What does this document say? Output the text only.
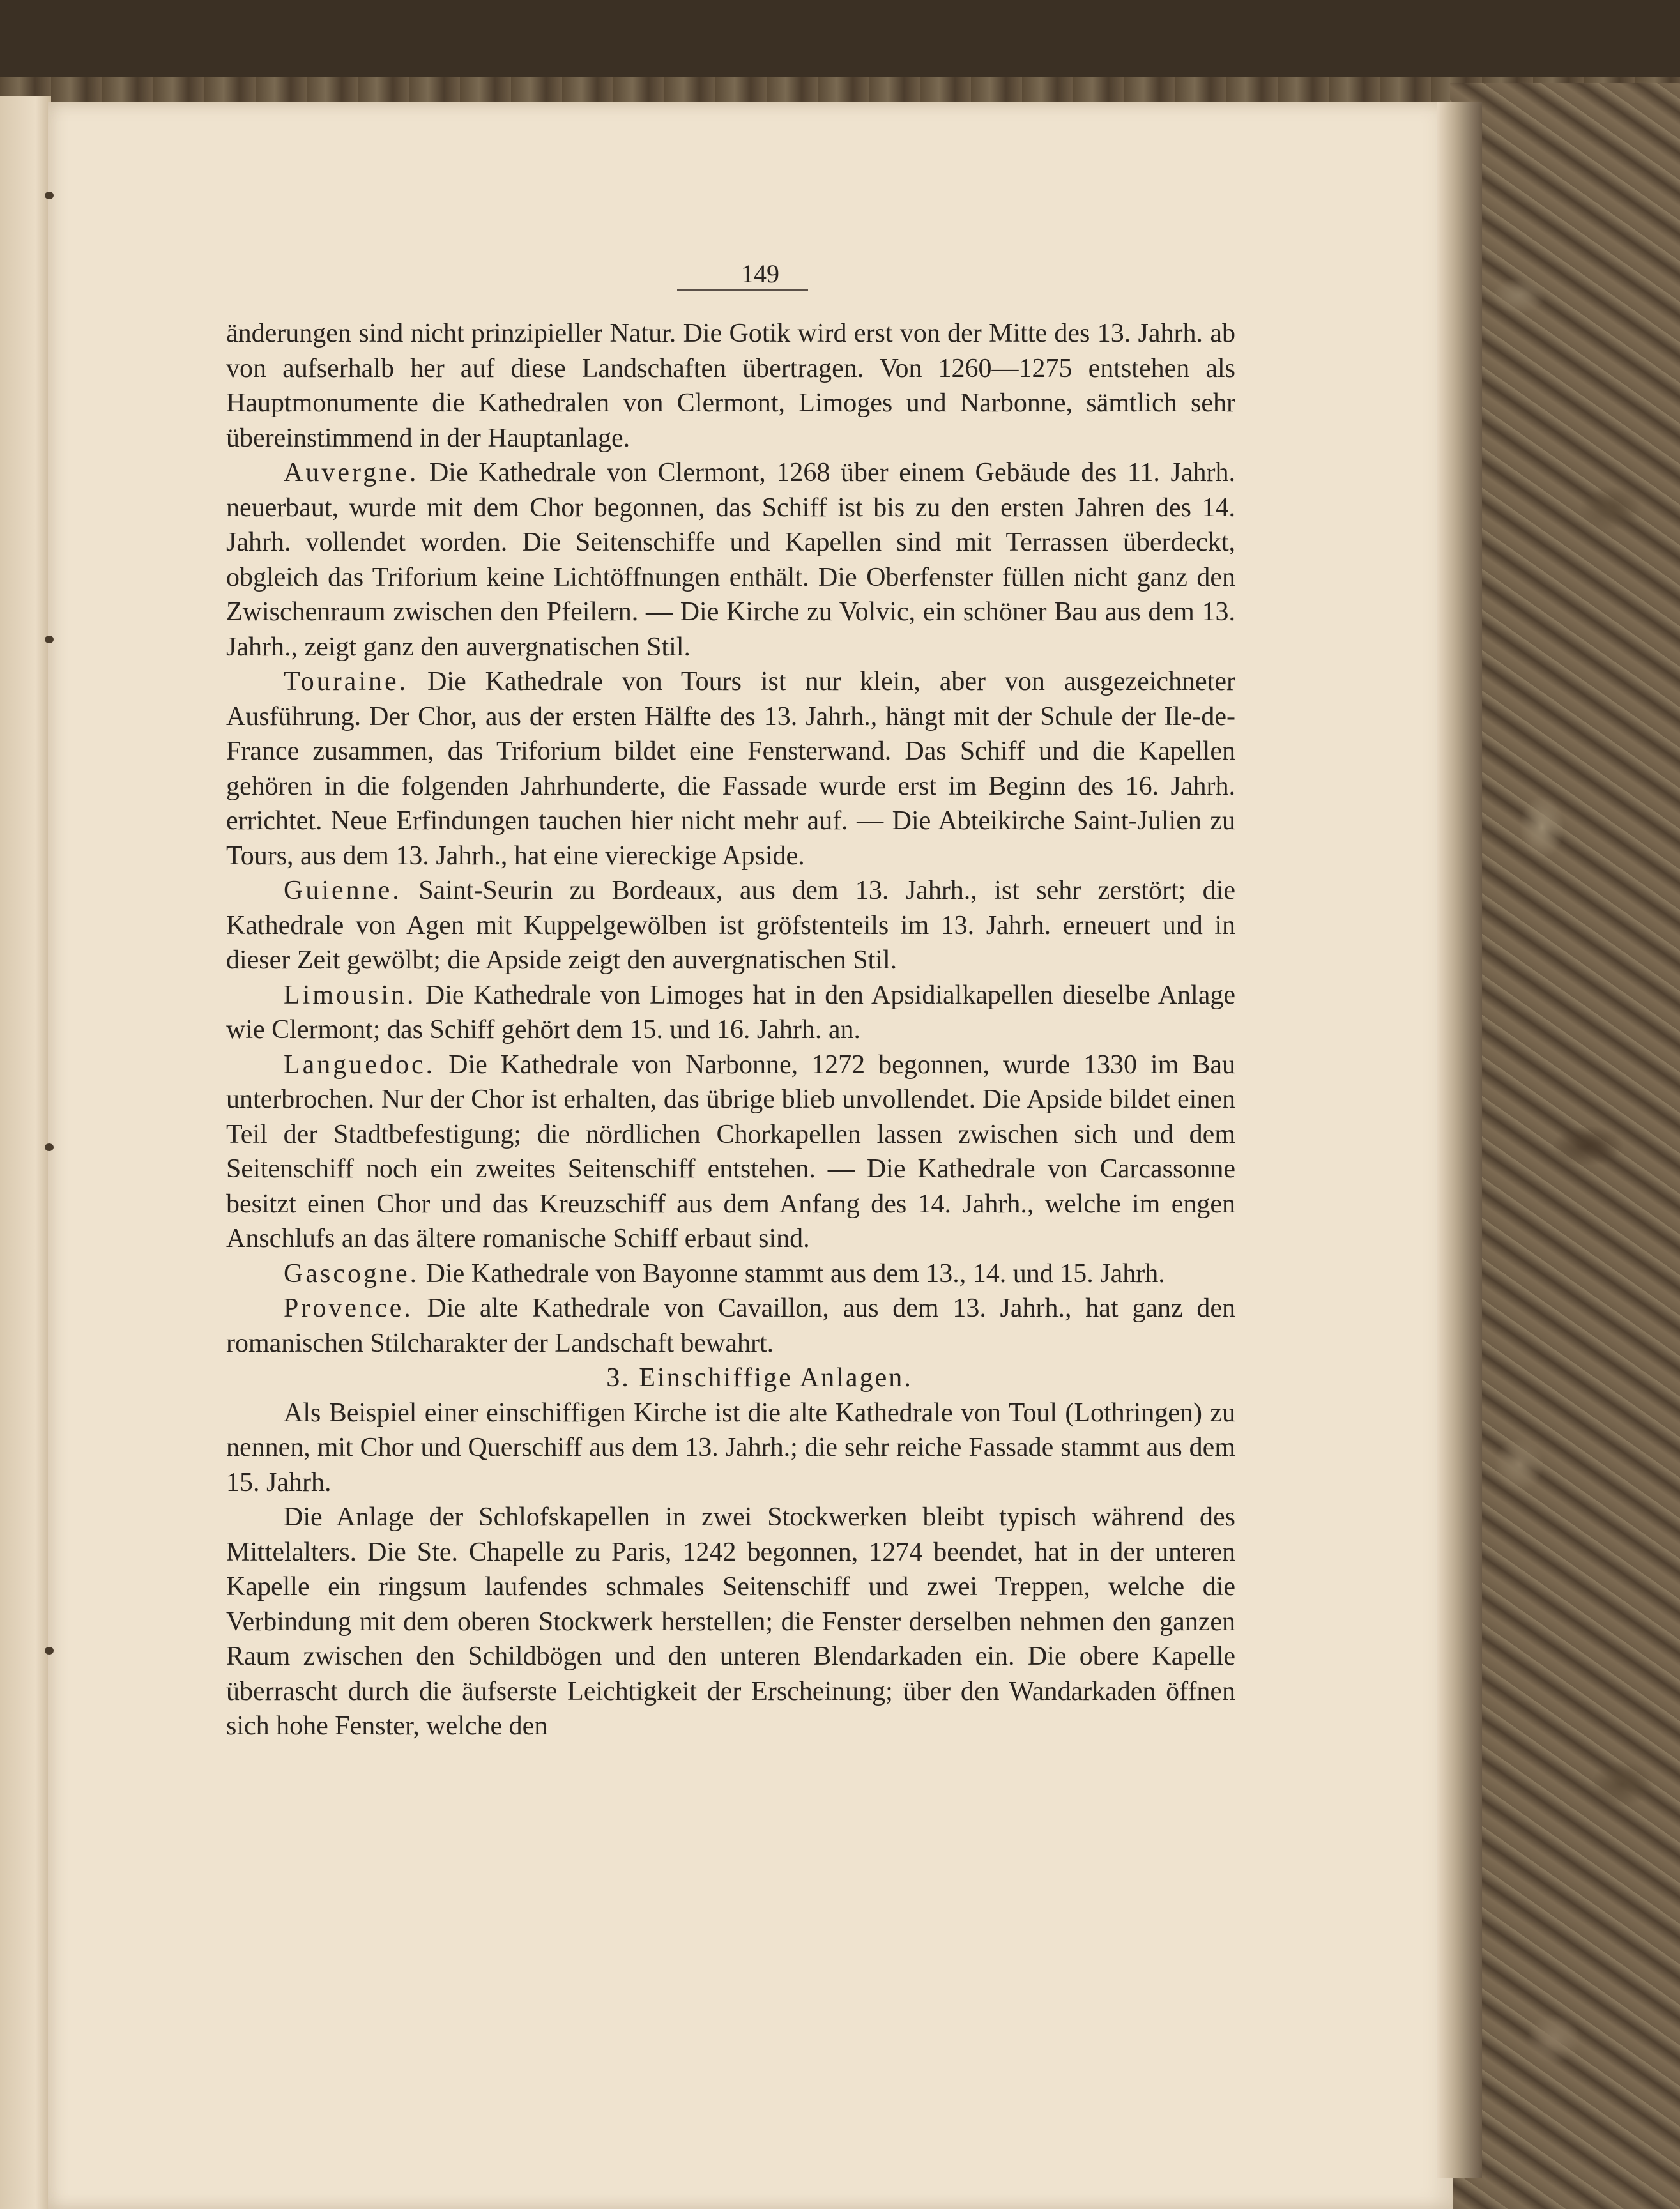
149

änderungen sind nicht prinzipieller Natur. Die Gotik wird erst von der Mitte des 13. Jahrh. ab von aufserhalb her auf diese Landschaften übertragen. Von 1260—1275 entstehen als Hauptmonumente die Kathedralen von Clermont, Limoges und Narbonne, sämtlich sehr übereinstimmend in der Hauptanlage.

Auvergne. Die Kathedrale von Clermont, 1268 über einem Gebäude des 11. Jahrh. neuerbaut, wurde mit dem Chor begonnen, das Schiff ist bis zu den ersten Jahren des 14. Jahrh. vollendet worden. Die Seitenschiffe und Kapellen sind mit Terrassen überdeckt, obgleich das Triforium keine Lichtöffnungen enthält. Die Oberfenster füllen nicht ganz den Zwischenraum zwischen den Pfeilern. — Die Kirche zu Volvic, ein schöner Bau aus dem 13. Jahrh., zeigt ganz den auvergnatischen Stil.

Touraine. Die Kathedrale von Tours ist nur klein, aber von ausgezeichneter Ausführung. Der Chor, aus der ersten Hälfte des 13. Jahrh., hängt mit der Schule der Ile-de-France zusammen, das Triforium bildet eine Fensterwand. Das Schiff und die Kapellen gehören in die folgenden Jahrhunderte, die Fassade wurde erst im Beginn des 16. Jahrh. errichtet. Neue Erfindungen tauchen hier nicht mehr auf. — Die Abteikirche Saint-Julien zu Tours, aus dem 13. Jahrh., hat eine viereckige Apside.

Guienne. Saint-Seurin zu Bordeaux, aus dem 13. Jahrh., ist sehr zerstört; die Kathedrale von Agen mit Kuppelgewölben ist gröfstenteils im 13. Jahrh. erneuert und in dieser Zeit gewölbt; die Apside zeigt den auvergnatischen Stil.

Limousin. Die Kathedrale von Limoges hat in den Apsidialkapellen dieselbe Anlage wie Clermont; das Schiff gehört dem 15. und 16. Jahrh. an.

Languedoc. Die Kathedrale von Narbonne, 1272 begonnen, wurde 1330 im Bau unterbrochen. Nur der Chor ist erhalten, das übrige blieb unvollendet. Die Apside bildet einen Teil der Stadtbefestigung; die nördlichen Chorkapellen lassen zwischen sich und dem Seitenschiff noch ein zweites Seitenschiff entstehen. — Die Kathedrale von Carcassonne besitzt einen Chor und das Kreuzschiff aus dem Anfang des 14. Jahrh., welche im engen Anschlufs an das ältere romanische Schiff erbaut sind.

Gascogne. Die Kathedrale von Bayonne stammt aus dem 13., 14. und 15. Jahrh.

Provence. Die alte Kathedrale von Cavaillon, aus dem 13. Jahrh., hat ganz den romanischen Stilcharakter der Landschaft bewahrt.

3. Einschiffige Anlagen.

Als Beispiel einer einschiffigen Kirche ist die alte Kathedrale von Toul (Lothringen) zu nennen, mit Chor und Querschiff aus dem 13. Jahrh.; die sehr reiche Fassade stammt aus dem 15. Jahrh.

Die Anlage der Schlofskapellen in zwei Stockwerken bleibt typisch während des Mittelalters. Die Ste. Chapelle zu Paris, 1242 begonnen, 1274 beendet, hat in der unteren Kapelle ein ringsum laufendes schmales Seitenschiff und zwei Treppen, welche die Verbindung mit dem oberen Stockwerk herstellen; die Fenster derselben nehmen den ganzen Raum zwischen den Schildbögen und den unteren Blendarkaden ein. Die obere Kapelle überrascht durch die äufserste Leichtigkeit der Erscheinung; über den Wandarkaden öffnen sich hohe Fenster, welche den
